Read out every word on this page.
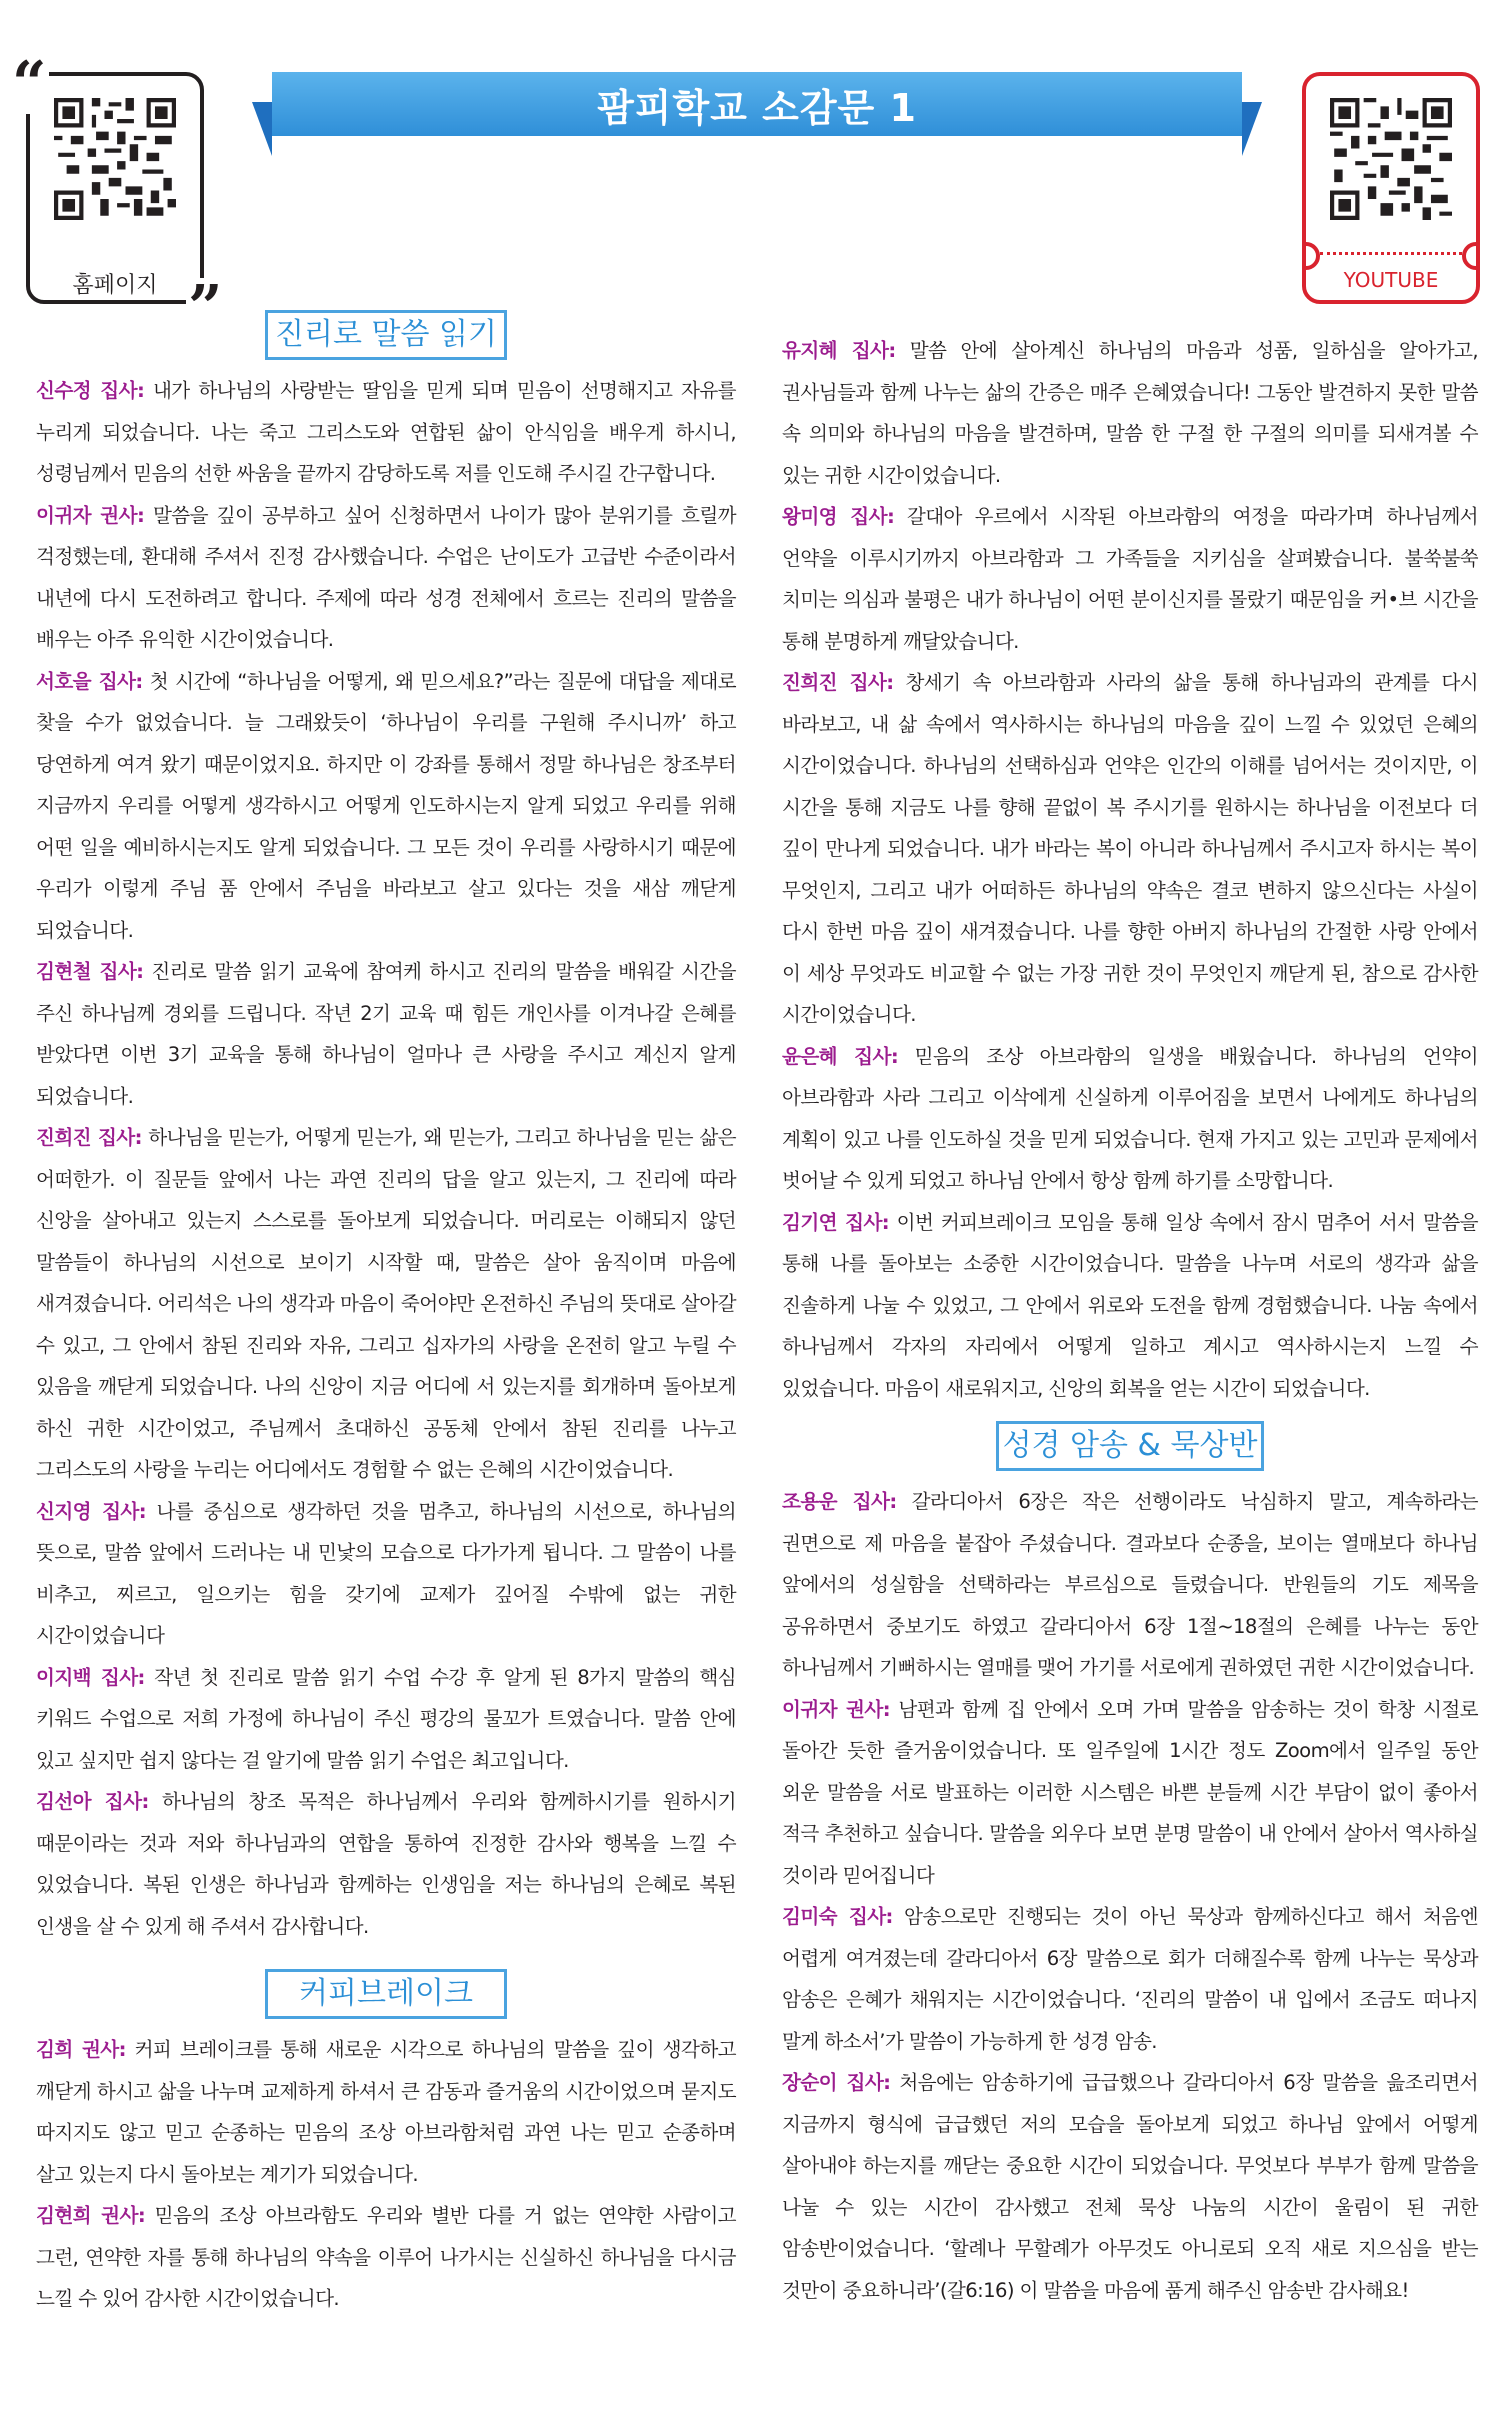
홈페이지
“
”
팜피학교 소감문 1
YOUTUBE
진리로 말씀 읽기

신수정 집사: 내가 하나님의 사랑받는 딸임을 믿게 되며 믿음이 선명해지고 자유를 누리게 되었습니다. 나는 죽고 그리스도와 연합된 삶이 안식임을 배우게 하시니, 성령님께서 믿음의 선한 싸움을 끝까지 감당하도록 저를 인도해 주시길 간구합니다.

이귀자 권사: 말씀을 깊이 공부하고 싶어 신청하면서 나이가 많아 분위기를 흐릴까 걱정했는데, 환대해 주셔서 진정 감사했습니다. 수업은 난이도가 고급반 수준이라서 내년에 다시 도전하려고 합니다. 주제에 따라 성경 전체에서 흐르는 진리의 말씀을 배우는 아주 유익한 시간이었습니다.

서호을 집사: 첫 시간에 “하나님을 어떻게, 왜 믿으세요?”라는 질문에 대답을 제대로 찾을 수가 없었습니다. 늘 그래왔듯이 ‘하나님이 우리를 구원해 주시니까’ 하고 당연하게 여겨 왔기 때문이었지요. 하지만 이 강좌를 통해서 정말 하나님은 창조부터 지금까지 우리를 어떻게 생각하시고 어떻게 인도하시는지 알게 되었고 우리를 위해 어떤 일을 예비하시는지도 알게 되었습니다. 그 모든 것이 우리를 사랑하시기 때문에 우리가 이렇게 주님 품 안에서 주님을 바라보고 살고 있다는 것을 새삼 깨닫게 되었습니다.

김현철 집사: 진리로 말씀 읽기 교육에 참여케 하시고 진리의 말씀을 배워갈 시간을 주신 하나님께 경외를 드립니다. 작년 2기 교육 때 힘든 개인사를 이겨나갈 은혜를 받았다면 이번 3기 교육을 통해 하나님이 얼마나 큰 사랑을 주시고 계신지 알게 되었습니다.

진희진 집사: 하나님을 믿는가, 어떻게 믿는가, 왜 믿는가, 그리고 하나님을 믿는 삶은 어떠한가. 이 질문들 앞에서 나는 과연 진리의 답을 알고 있는지, 그 진리에 따라 신앙을 살아내고 있는지 스스로를 돌아보게 되었습니다. 머리로는 이해되지 않던 말씀들이 하나님의 시선으로 보이기 시작할 때, 말씀은 살아 움직이며 마음에 새겨졌습니다. 어리석은 나의 생각과 마음이 죽어야만 온전하신 주님의 뜻대로 살아갈 수 있고, 그 안에서 참된 진리와 자유, 그리고 십자가의 사랑을 온전히 알고 누릴 수 있음을 깨닫게 되었습니다. 나의 신앙이 지금 어디에 서 있는지를 회개하며 돌아보게 하신 귀한 시간이었고, 주님께서 초대하신 공동체 안에서 참된 진리를 나누고 그리스도의 사랑을 누리는 어디에서도 경험할 수 없는 은혜의 시간이었습니다.

신지영 집사: 나를 중심으로 생각하던 것을 멈추고, 하나님의 시선으로, 하나님의 뜻으로, 말씀 앞에서 드러나는 내 민낯의 모습으로 다가가게 됩니다. 그 말씀이 나를 비추고, 찌르고, 일으키는 힘을 갖기에 교제가 깊어질 수밖에 없는 귀한 시간이었습니다

이지백 집사: 작년 첫 진리로 말씀 읽기 수업 수강 후 알게 된 8가지 말씀의 핵심 키워드 수업으로 저희 가정에 하나님이 주신 평강의 물꼬가 트였습니다. 말씀 안에 있고 싶지만 쉽지 않다는 걸 알기에 말씀 읽기 수업은 최고입니다.

김선아 집사: 하나님의 창조 목적은 하나님께서 우리와 함께하시기를 원하시기 때문이라는 것과 저와 하나님과의 연합을 통하여 진정한 감사와 행복을 느낄 수 있었습니다. 복된 인생은 하나님과 함께하는 인생임을 저는 하나님의 은혜로 복된 인생을 살 수 있게 해 주셔서 감사합니다.

커피브레이크

김희 권사: 커피 브레이크를 통해 새로운 시각으로 하나님의 말씀을 깊이 생각하고 깨닫게 하시고 삶을 나누며 교제하게 하셔서 큰 감동과 즐거움의 시간이었으며 묻지도 따지지도 않고 믿고 순종하는 믿음의 조상 아브라함처럼 과연 나는 믿고 순종하며 살고 있는지 다시 돌아보는 계기가 되었습니다.

김현희 권사: 믿음의 조상 아브라함도 우리와 별반 다를 거 없는 연약한 사람이고 그런, 연약한 자를 통해 하나님의 약속을 이루어 나가시는 신실하신 하나님을 다시금 느낄 수 있어 감사한 시간이었습니다.

유지혜 집사: 말씀 안에 살아계신 하나님의 마음과 성품, 일하심을 알아가고, 권사님들과 함께 나누는 삶의 간증은 매주 은혜였습니다! 그동안 발견하지 못한 말씀 속 의미와 하나님의 마음을 발견하며, 말씀 한 구절 한 구절의 의미를 되새겨볼 수 있는 귀한 시간이었습니다.

왕미영 집사: 갈대아 우르에서 시작된 아브라함의 여정을 따라가며 하나님께서 언약을 이루시기까지 아브라함과 그 가족들을 지키심을 살펴봤습니다. 불쑥불쑥 치미는 의심과 불평은 내가 하나님이 어떤 분이신지를 몰랐기 때문임을 커•브 시간을 통해 분명하게 깨달았습니다.

진희진 집사: 창세기 속 아브라함과 사라의 삶을 통해 하나님과의 관계를 다시 바라보고, 내 삶 속에서 역사하시는 하나님의 마음을 깊이 느낄 수 있었던 은혜의 시간이었습니다. 하나님의 선택하심과 언약은 인간의 이해를 넘어서는 것이지만, 이 시간을 통해 지금도 나를 향해 끝없이 복 주시기를 원하시는 하나님을 이전보다 더 깊이 만나게 되었습니다. 내가 바라는 복이 아니라 하나님께서 주시고자 하시는 복이 무엇인지, 그리고 내가 어떠하든 하나님의 약속은 결코 변하지 않으신다는 사실이 다시 한번 마음 깊이 새겨졌습니다. 나를 향한 아버지 하나님의 간절한 사랑 안에서 이 세상 무엇과도 비교할 수 없는 가장 귀한 것이 무엇인지 깨닫게 된, 참으로 감사한 시간이었습니다.

윤은혜 집사: 믿음의 조상 아브라함의 일생을 배웠습니다. 하나님의 언약이 아브라함과 사라 그리고 이삭에게 신실하게 이루어짐을 보면서 나에게도 하나님의 계획이 있고 나를 인도하실 것을 믿게 되었습니다. 현재 가지고 있는 고민과 문제에서 벗어날 수 있게 되었고 하나님 안에서 항상 함께 하기를 소망합니다.

김기연 집사: 이번 커피브레이크 모임을 통해 일상 속에서 잠시 멈추어 서서 말씀을 통해 나를 돌아보는 소중한 시간이었습니다. 말씀을 나누며 서로의 생각과 삶을 진솔하게 나눌 수 있었고, 그 안에서 위로와 도전을 함께 경험했습니다. 나눔 속에서 하나님께서 각자의 자리에서 어떻게 일하고 계시고 역사하시는지 느낄 수 있었습니다. 마음이 새로워지고, 신앙의 회복을 얻는 시간이 되었습니다.

성경 암송 & 묵상반

조용운 집사: 갈라디아서 6장은 작은 선행이라도 낙심하지 말고, 계속하라는 권면으로 제 마음을 붙잡아 주셨습니다. 결과보다 순종을, 보이는 열매보다 하나님 앞에서의 성실함을 선택하라는 부르심으로 들렸습니다. 반원들의 기도 제목을 공유하면서 중보기도 하였고 갈라디아서 6장 1절~18절의 은혜를 나누는 동안 하나님께서 기뻐하시는 열매를 맺어 가기를 서로에게 권하였던 귀한 시간이었습니다.

이귀자 권사: 남편과 함께 집 안에서 오며 가며 말씀을 암송하는 것이 학창 시절로 돌아간 듯한 즐거움이었습니다. 또 일주일에 1시간 정도 Zoom에서 일주일 동안 외운 말씀을 서로 발표하는 이러한 시스템은 바쁜 분들께 시간 부담이 없이 좋아서 적극 추천하고 싶습니다. 말씀을 외우다 보면 분명 말씀이 내 안에서 살아서 역사하실 것이라 믿어집니다

김미숙 집사: 암송으로만 진행되는 것이 아닌 묵상과 함께하신다고 해서 처음엔 어렵게 여겨졌는데 갈라디아서 6장 말씀으로 회가 더해질수록 함께 나누는 묵상과 암송은 은혜가 채워지는 시간이었습니다. ‘진리의 말씀이 내 입에서 조금도 떠나지 말게 하소서’가 말씀이 가능하게 한 성경 암송.

장순이 집사: 처음에는 암송하기에 급급했으나 갈라디아서 6장 말씀을 읊조리면서 지금까지 형식에 급급했던 저의 모습을 돌아보게 되었고 하나님 앞에서 어떻게 살아내야 하는지를 깨닫는 중요한 시간이 되었습니다. 무엇보다 부부가 함께 말씀을 나눌 수 있는 시간이 감사했고 전체 묵상 나눔의 시간이 울림이 된 귀한 암송반이었습니다. ‘할례나 무할례가 아무것도 아니로되 오직 새로 지으심을 받는 것만이 중요하니라’(갈6:16) 이 말씀을 마음에 품게 해주신 암송반 감사해요!
